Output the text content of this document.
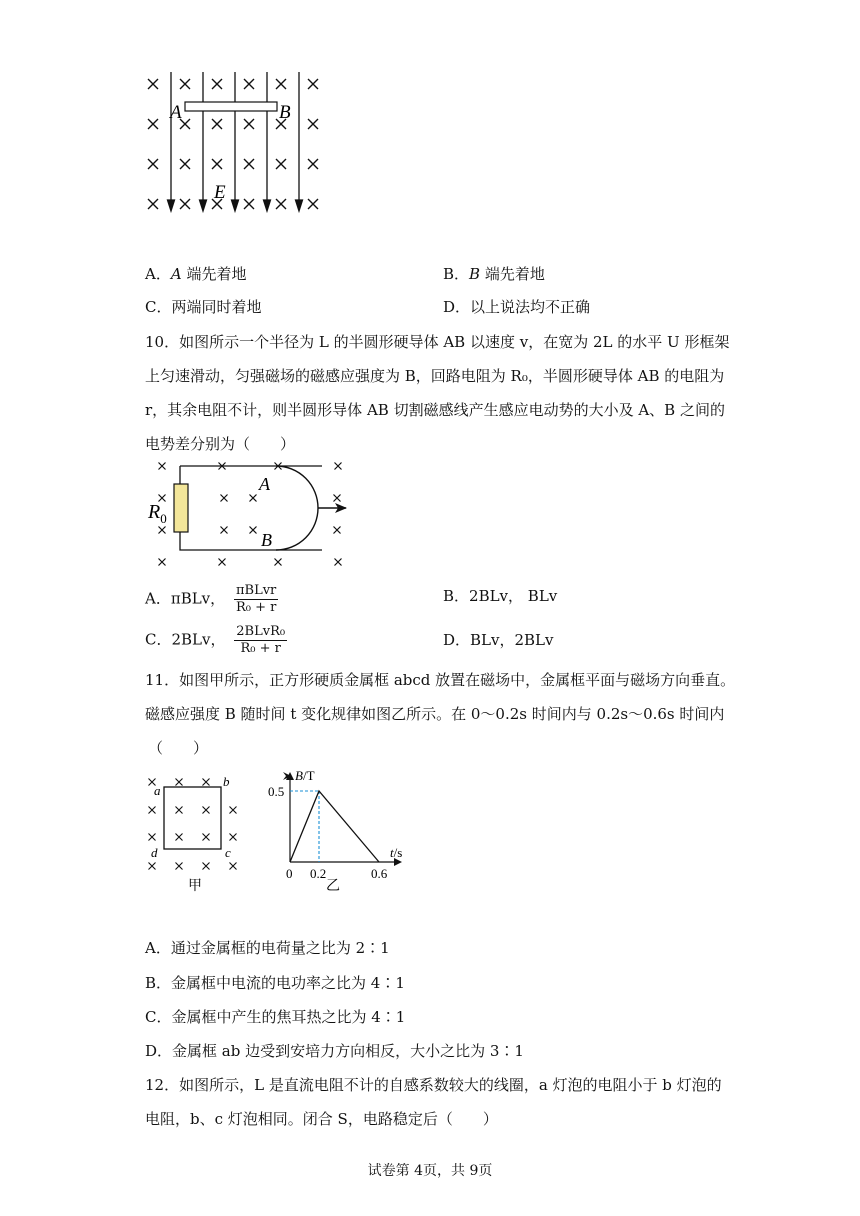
A	B
E
A．A 端先着地	B．B 端先着地
C．两端同时着地	D．以上说法均不正确
10．如图所示一个半径为 L 的半圆形硬导体 AB 以速度 v，在宽为 2L 的水平 U 形框架
上匀速滑动，匀强磁场的磁感应强度为 B，回路电阻为 R₀，半圆形硬导体 AB 的电阻为
r，其余电阻不计，则半圆形导体 AB 切割磁感线产生感应电动势的大小及 A、B 之间的
电势差分别为（　　）
$R_0$
A
B
A．πBLv， $\frac{\text{πBLvr}}{\text{R₀ + r}}$	B．2BLv， BLv
C．2BLv， $\frac{\text{2BLvR₀}}{\text{R₀ + r}}$	D．BLv，2BLv
11．如图甲所示，正方形硬质金属框 abcd 放置在磁场中，金属框平面与磁场方向垂直。
磁感应强度 B 随时间 t 变化规律如图乙所示。在 0～0.2s 时间内与 0.2s～0.6s 时间内
（　　）
a
b
c
d
甲
B/T
t/s
0.5
0 0.2	0.6
乙
A．通过金属框的电荷量之比为 2∶1
B．金属框中电流的电功率之比为 4∶1
C．金属框中产生的焦耳热之比为 4∶1
D．金属框 ab 边受到安培力方向相反，大小之比为 3∶1
12．如图所示，L 是直流电阻不计的自感系数较大的线圈，a 灯泡的电阻小于 b 灯泡的
电阻，b、c 灯泡相同。闭合 S，电路稳定后（　　）
试卷第 4页，共 9页
